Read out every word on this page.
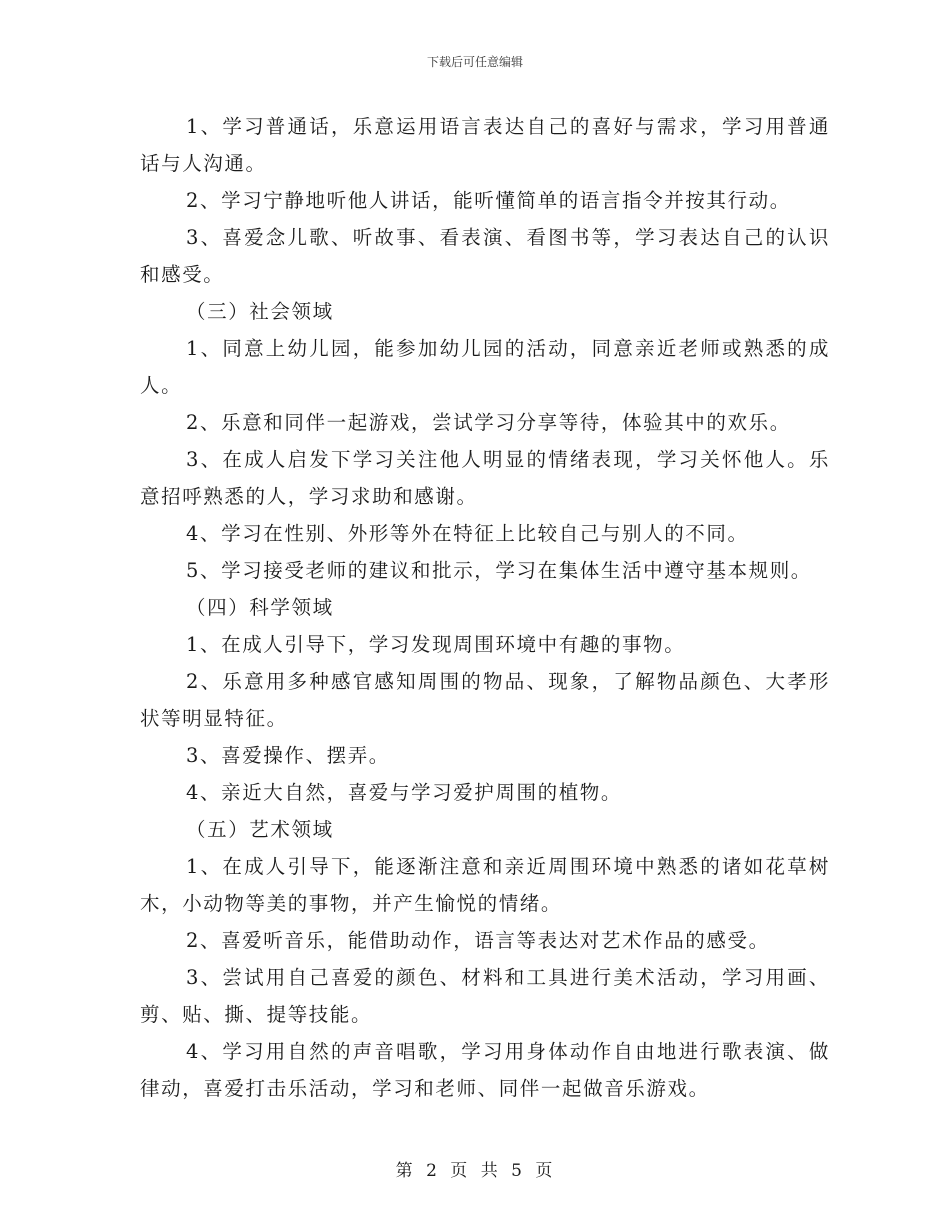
下载后可任意编辑

1、学习普通话，乐意运用语言表达自己的喜好与需求，学习用普通话与人沟通。

2、学习宁静地听他人讲话，能听懂简单的语言指令并按其行动。

3、喜爱念儿歌、听故事、看表演、看图书等，学习表达自己的认识和感受。

（三）社会领域

1、同意上幼儿园，能参加幼儿园的活动，同意亲近老师或熟悉的成人。

2、乐意和同伴一起游戏，尝试学习分享等待，体验其中的欢乐。

3、在成人启发下学习关注他人明显的情绪表现，学习关怀他人。乐意招呼熟悉的人，学习求助和感谢。

4、学习在性别、外形等外在特征上比较自己与别人的不同。

5、学习接受老师的建议和批示，学习在集体生活中遵守基本规则。

（四）科学领域

1、在成人引导下，学习发现周围环境中有趣的事物。

2、乐意用多种感官感知周围的物品、现象，了解物品颜色、大孝形状等明显特征。

3、喜爱操作、摆弄。

4、亲近大自然，喜爱与学习爱护周围的植物。

（五）艺术领域

1、在成人引导下，能逐渐注意和亲近周围环境中熟悉的诸如花草树木，小动物等美的事物，并产生愉悦的情绪。

2、喜爱听音乐，能借助动作，语言等表达对艺术作品的感受。

3、尝试用自己喜爱的颜色、材料和工具进行美术活动，学习用画、剪、贴、撕、提等技能。

4、学习用自然的声音唱歌，学习用身体动作自由地进行歌表演、做律动，喜爱打击乐活动，学习和老师、同伴一起做音乐游戏。

第 2 页 共 5 页
